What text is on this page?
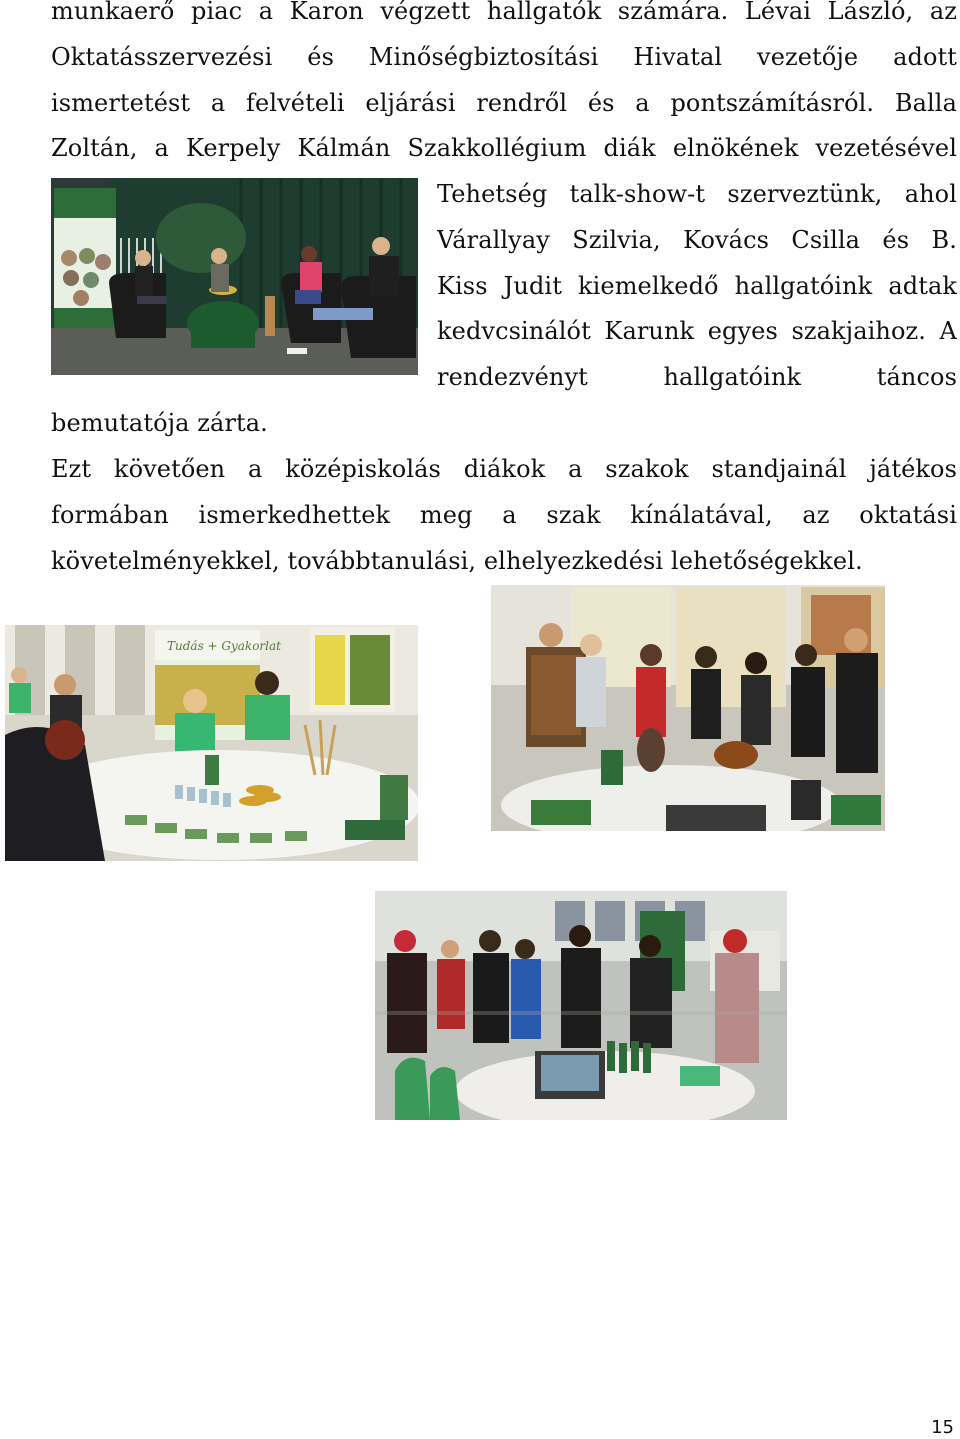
munkaerő piac a Karon végzett hallgatók számára. Lévai László, az
Oktatásszervezési és Minőségbiztosítási Hivatal vezetője adott
ismertetést a felvételi eljárási rendről és a pontszámításról. Balla
Zoltán, a Kerpely Kálmán Szakkollégium diák elnökének vezetésével
Tehetség talk-show-t szerveztünk, ahol
Várallyay Szilvia, Kovács Csilla és B.
Kiss Judit kiemelkedő hallgatóink adtak
kedvcsinálót Karunk egyes szakjaihoz. A
rendezvényt hallgatóink táncos
bemutatója zárta.
Ezt követően a középiskolás diákok a szakok standjainál játékos
formában ismerkedhettek meg a szak kínálatával, az oktatási
követelményekkel, továbbtanulási, elhelyezkedési lehetőségekkel.
Tudás + Gyakorlat
15
